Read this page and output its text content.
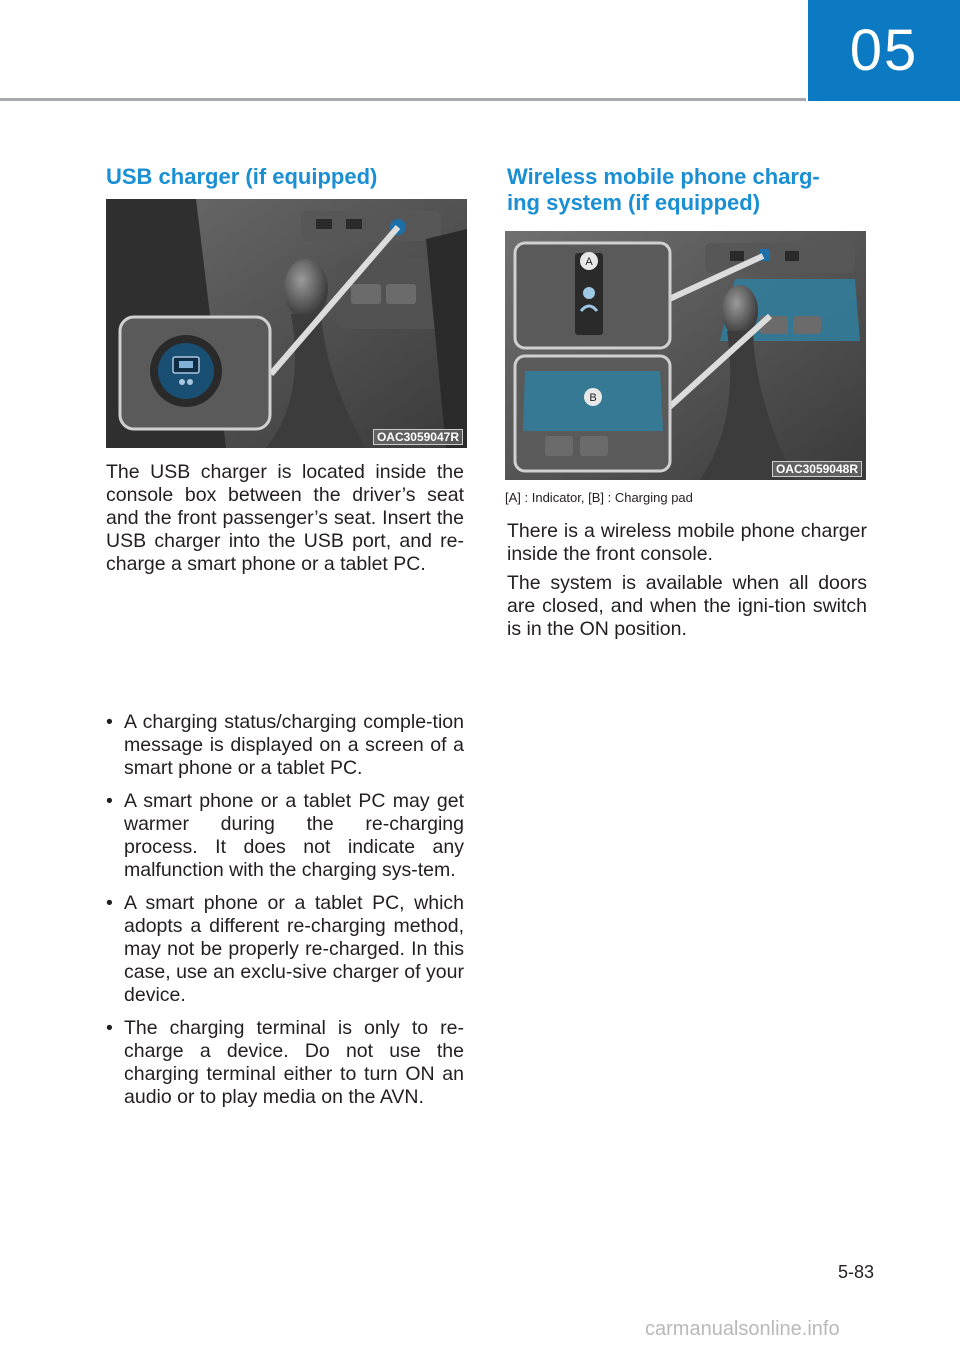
05
USB charger (if equipped)
OAC3059047R

The USB charger is located inside the console box between the driver’s seat and the front passenger’s seat. Insert the USB charger into the USB port, and re-charge a smart phone or a tablet PC.

• A charging status/charging comple-tion message is displayed on a screen of a smart phone or a tablet PC.
• A smart phone or a tablet PC may get warmer during the re-charging process. It does not indicate any malfunction with the charging sys-tem.
• A smart phone or a tablet PC, which adopts a different re-charging method, may not be properly re-charged. In this case, use an exclu-sive charger of your device.
• The charging terminal is only to re-charge a device. Do not use the charging terminal either to turn ON an audio or to play media on the AVN.
Wireless mobile phone charg-
ing system (if equipped)
A
B
OAC3059048R
[A] : Indicator, [B] : Charging pad

There is a wireless mobile phone charger inside the front console.

The system is available when all doors are closed, and when the igni-tion switch is in the ON position.

5-83
carmanualsonline.info
